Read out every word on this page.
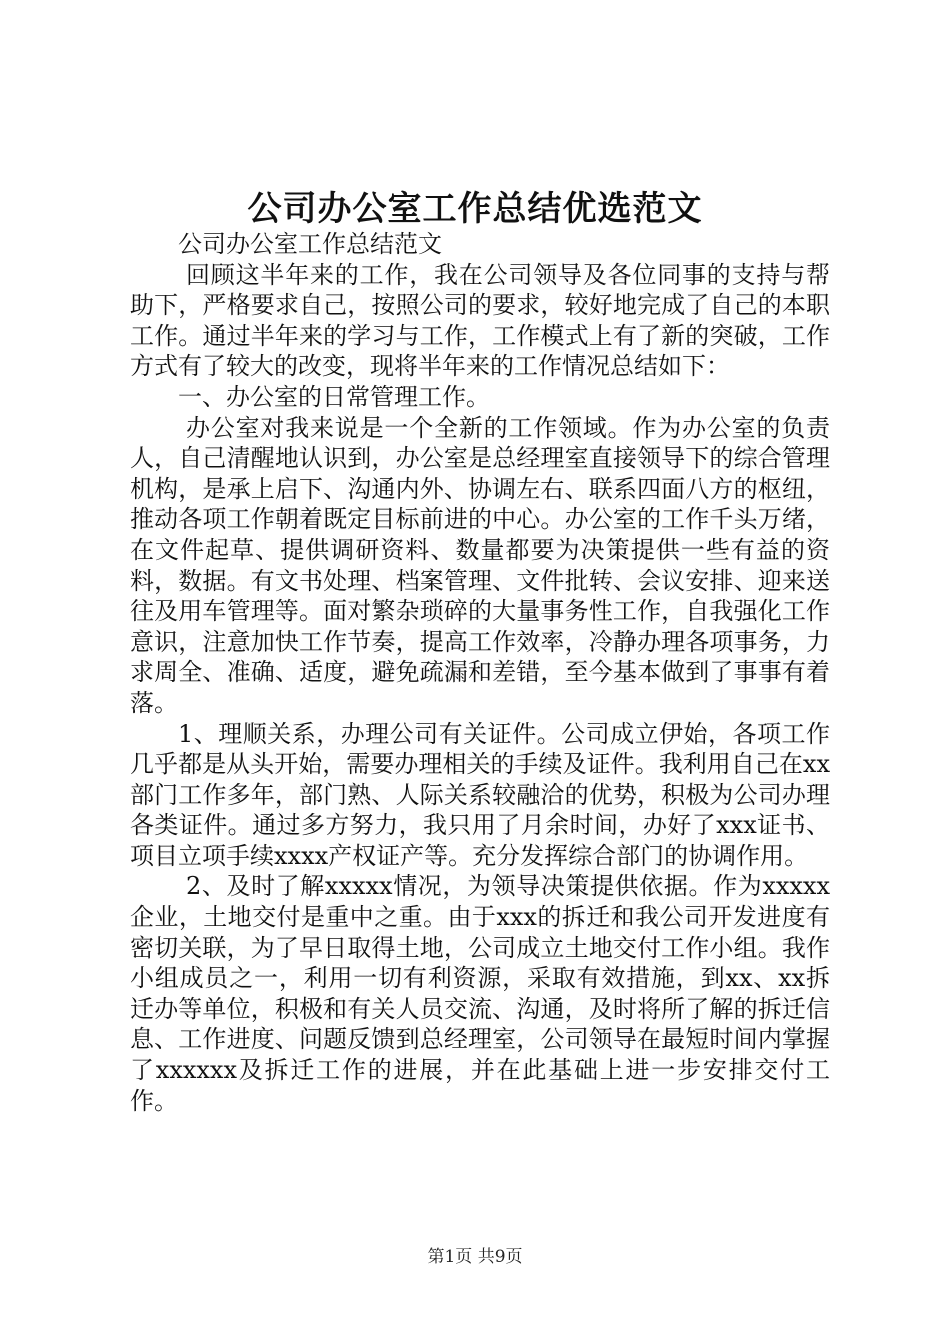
公司办公室工作总结优选范文

公司办公室工作总结范文

回顾这半年来的工作，我在公司领导及各位同事的支持与帮助下，严格要求自己，按照公司的要求，较好地完成了自己的本职工作。通过半年来的学习与工作，工作模式上有了新的突破，工作方式有了较大的改变，现将半年来的工作情况总结如下：

一、办公室的日常管理工作。

办公室对我来说是一个全新的工作领域。作为办公室的负责人，自己清醒地认识到，办公室是总经理室直接领导下的综合管理机构，是承上启下、沟通内外、协调左右、联系四面八方的枢纽，推动各项工作朝着既定目标前进的中心。办公室的工作千头万绪，在文件起草、提供调研资料、数量都要为决策提供一些有益的资料，数据。有文书处理、档案管理、文件批转、会议安排、迎来送往及用车管理等。面对繁杂琐碎的大量事务性工作，自我强化工作意识，注意加快工作节奏，提高工作效率，冷静办理各项事务，力求周全、准确、适度，避免疏漏和差错，至今基本做到了事事有着落。

1、理顺关系，办理公司有关证件。公司成立伊始，各项工作几乎都是从头开始，需要办理相关的手续及证件。我利用自己在xx部门工作多年，部门熟、人际关系较融洽的优势，积极为公司办理各类证件。通过多方努力，我只用了月余时间，办好了xxx证书、项目立项手续xxxx产权证产等。充分发挥综合部门的协调作用。

2、及时了解xxxxx情况，为领导决策提供依据。作为xxxxx企业，土地交付是重中之重。由于xxx的拆迁和我公司开发进度有密切关联，为了早日取得土地，公司成立土地交付工作小组。我作小组成员之一，利用一切有利资源，采取有效措施，到xx、xx拆迁办等单位，积极和有关人员交流、沟通，及时将所了解的拆迁信息、工作进度、问题反馈到总经理室，公司领导在最短时间内掌握了xxxxxx及拆迁工作的进展，并在此基础上进一步安排交付工作。

第1页 共9页
